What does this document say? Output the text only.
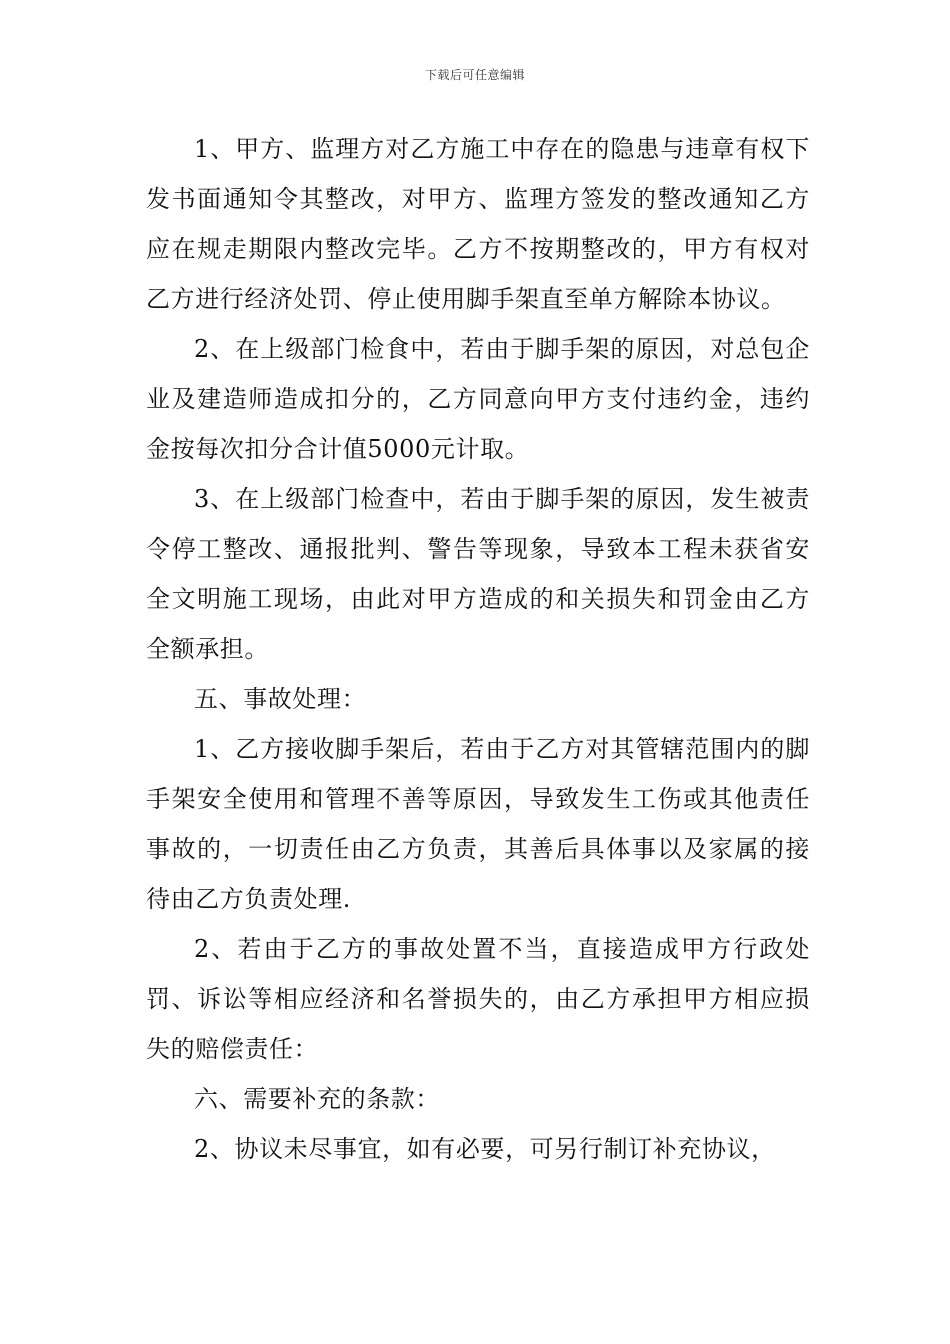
下载后可任意编辑

1、甲方、监理方对乙方施工中存在的隐患与违章有权下发书面通知令其整改，对甲方、监理方签发的整改通知乙方应在规走期限内整改完毕。乙方不按期整改的，甲方有权对乙方进行经济处罚、停止使用脚手架直至单方解除本协议。

2、在上级部门检食中，若由于脚手架的原因，对总包企业及建造师造成扣分的，乙方同意向甲方支付违约金，违约金按每次扣分合计值5000元计取。

3、在上级部门检查中，若由于脚手架的原因，发生被责令停工整改、通报批判、警告等现象，导致本工程未获省安全文明施工现场，由此对甲方造成的和关损失和罚金由乙方全额承担。

五、事故处理：

1、乙方接收脚手架后，若由于乙方对其管辖范围内的脚手架安全使用和管理不善等原因，导致发生工伤或其他责任事故的，一切责任由乙方负责，其善后具体事以及家属的接待由乙方负责处理.

2、若由于乙方的事故处置不当，直接造成甲方行政处罚、诉讼等相应经济和名誉损失的，由乙方承担甲方相应损失的赔偿责任：

六、需要补充的条款：

2、协议未尽事宜，如有必要，可另行制订补充协议，
